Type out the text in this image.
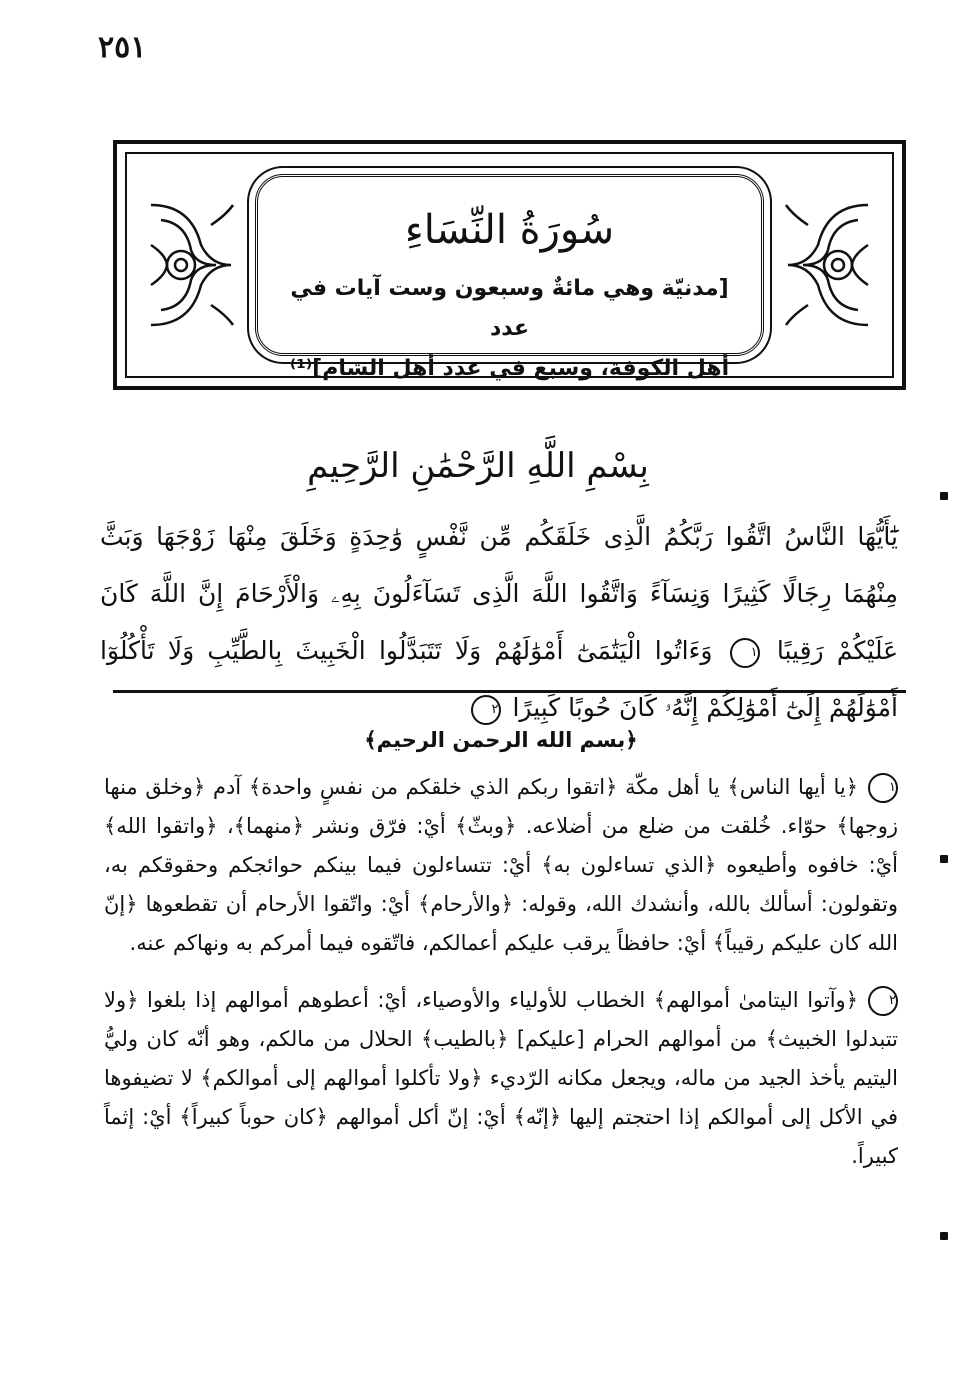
٢٥١
سُورَةُ النِّسَاءِ
[مدنيّة وهي مائةٌ وسبعون وست آيات في عدد
أهل الكوفة، وسبع في عدد أهل الشام]⁽¹⁾
بِسْمِ اللَّهِ الرَّحْمَٰنِ الرَّحِيمِ
يَٰٓأَيُّهَا النَّاسُ اتَّقُوا رَبَّكُمُ الَّذِى خَلَقَكُم مِّن نَّفْسٍ وَٰحِدَةٍ وَخَلَقَ مِنْهَا زَوْجَهَا وَبَثَّ مِنْهُمَا رِجَالًا كَثِيرًا وَنِسَآءً وَاتَّقُوا اللَّهَ الَّذِى تَسَآءَلُونَ بِهِۦ وَالْأَرْحَامَ إِنَّ اللَّهَ كَانَ عَلَيْكُمْ رَقِيبًا ١ وَءَاتُوا الْيَتَٰمَىٰٓ أَمْوَٰلَهُمْ وَلَا تَتَبَدَّلُوا الْخَبِيثَ بِالطَّيِّبِ وَلَا تَأْكُلُوٓا أَمْوَٰلَهُمْ إِلَىٰٓ أَمْوَٰلِكُمْ إِنَّهُۥ كَانَ حُوبًا كَبِيرًا ٢
﴿بسم الله الرحمن الرحيم﴾
١﴿يا أيها الناس﴾ يا أهل مكّة ﴿اتقوا ربكم الذي خلقكم من نفسٍ واحدة﴾ آدم ﴿وخلق منها زوجها﴾ حوّاء. خُلقت من ضلع من أضلاعه. ﴿وبثّ﴾ أيْ: فرّق ونشر ﴿منهما﴾، ﴿واتقوا الله﴾ أيْ: خافوه وأطيعوه ﴿الذي تساءلون به﴾ أيْ: تتساءلون فيما بينكم حوائجكم وحقوقكم به، وتقولون: أسألك بالله، وأنشدك الله، وقوله: ﴿والأرحام﴾ أيْ: واتّقوا الأرحام أن تقطعوها ﴿إنّ الله كان عليكم رقيباً﴾ أيْ: حافظاً يرقب عليكم أعمالكم، فاتّقوه فيما أمركم به ونهاكم عنه.
٢﴿وآتوا اليتامىٰ أموالهم﴾ الخطاب للأولياء والأوصياء، أيْ: أعطوهم أموالهم إذا بلغوا ﴿ولا تتبدلوا الخبيث﴾ من أموالهم الحرام [عليكم] ﴿بالطيب﴾ الحلال من مالكم، وهو أنّه كان وليُّ اليتيم يأخذ الجيد من ماله، ويجعل مكانه الرّديء ﴿ولا تأكلوا أموالهم إلى أموالكم﴾ لا تضيفوها في الأكل إلى أموالكم إذا احتجتم إليها ﴿إنّه﴾ أيْ: إنّ أكل أموالهم ﴿كان حوباً كبيراً﴾ أيْ: إثماً كبيراً.
